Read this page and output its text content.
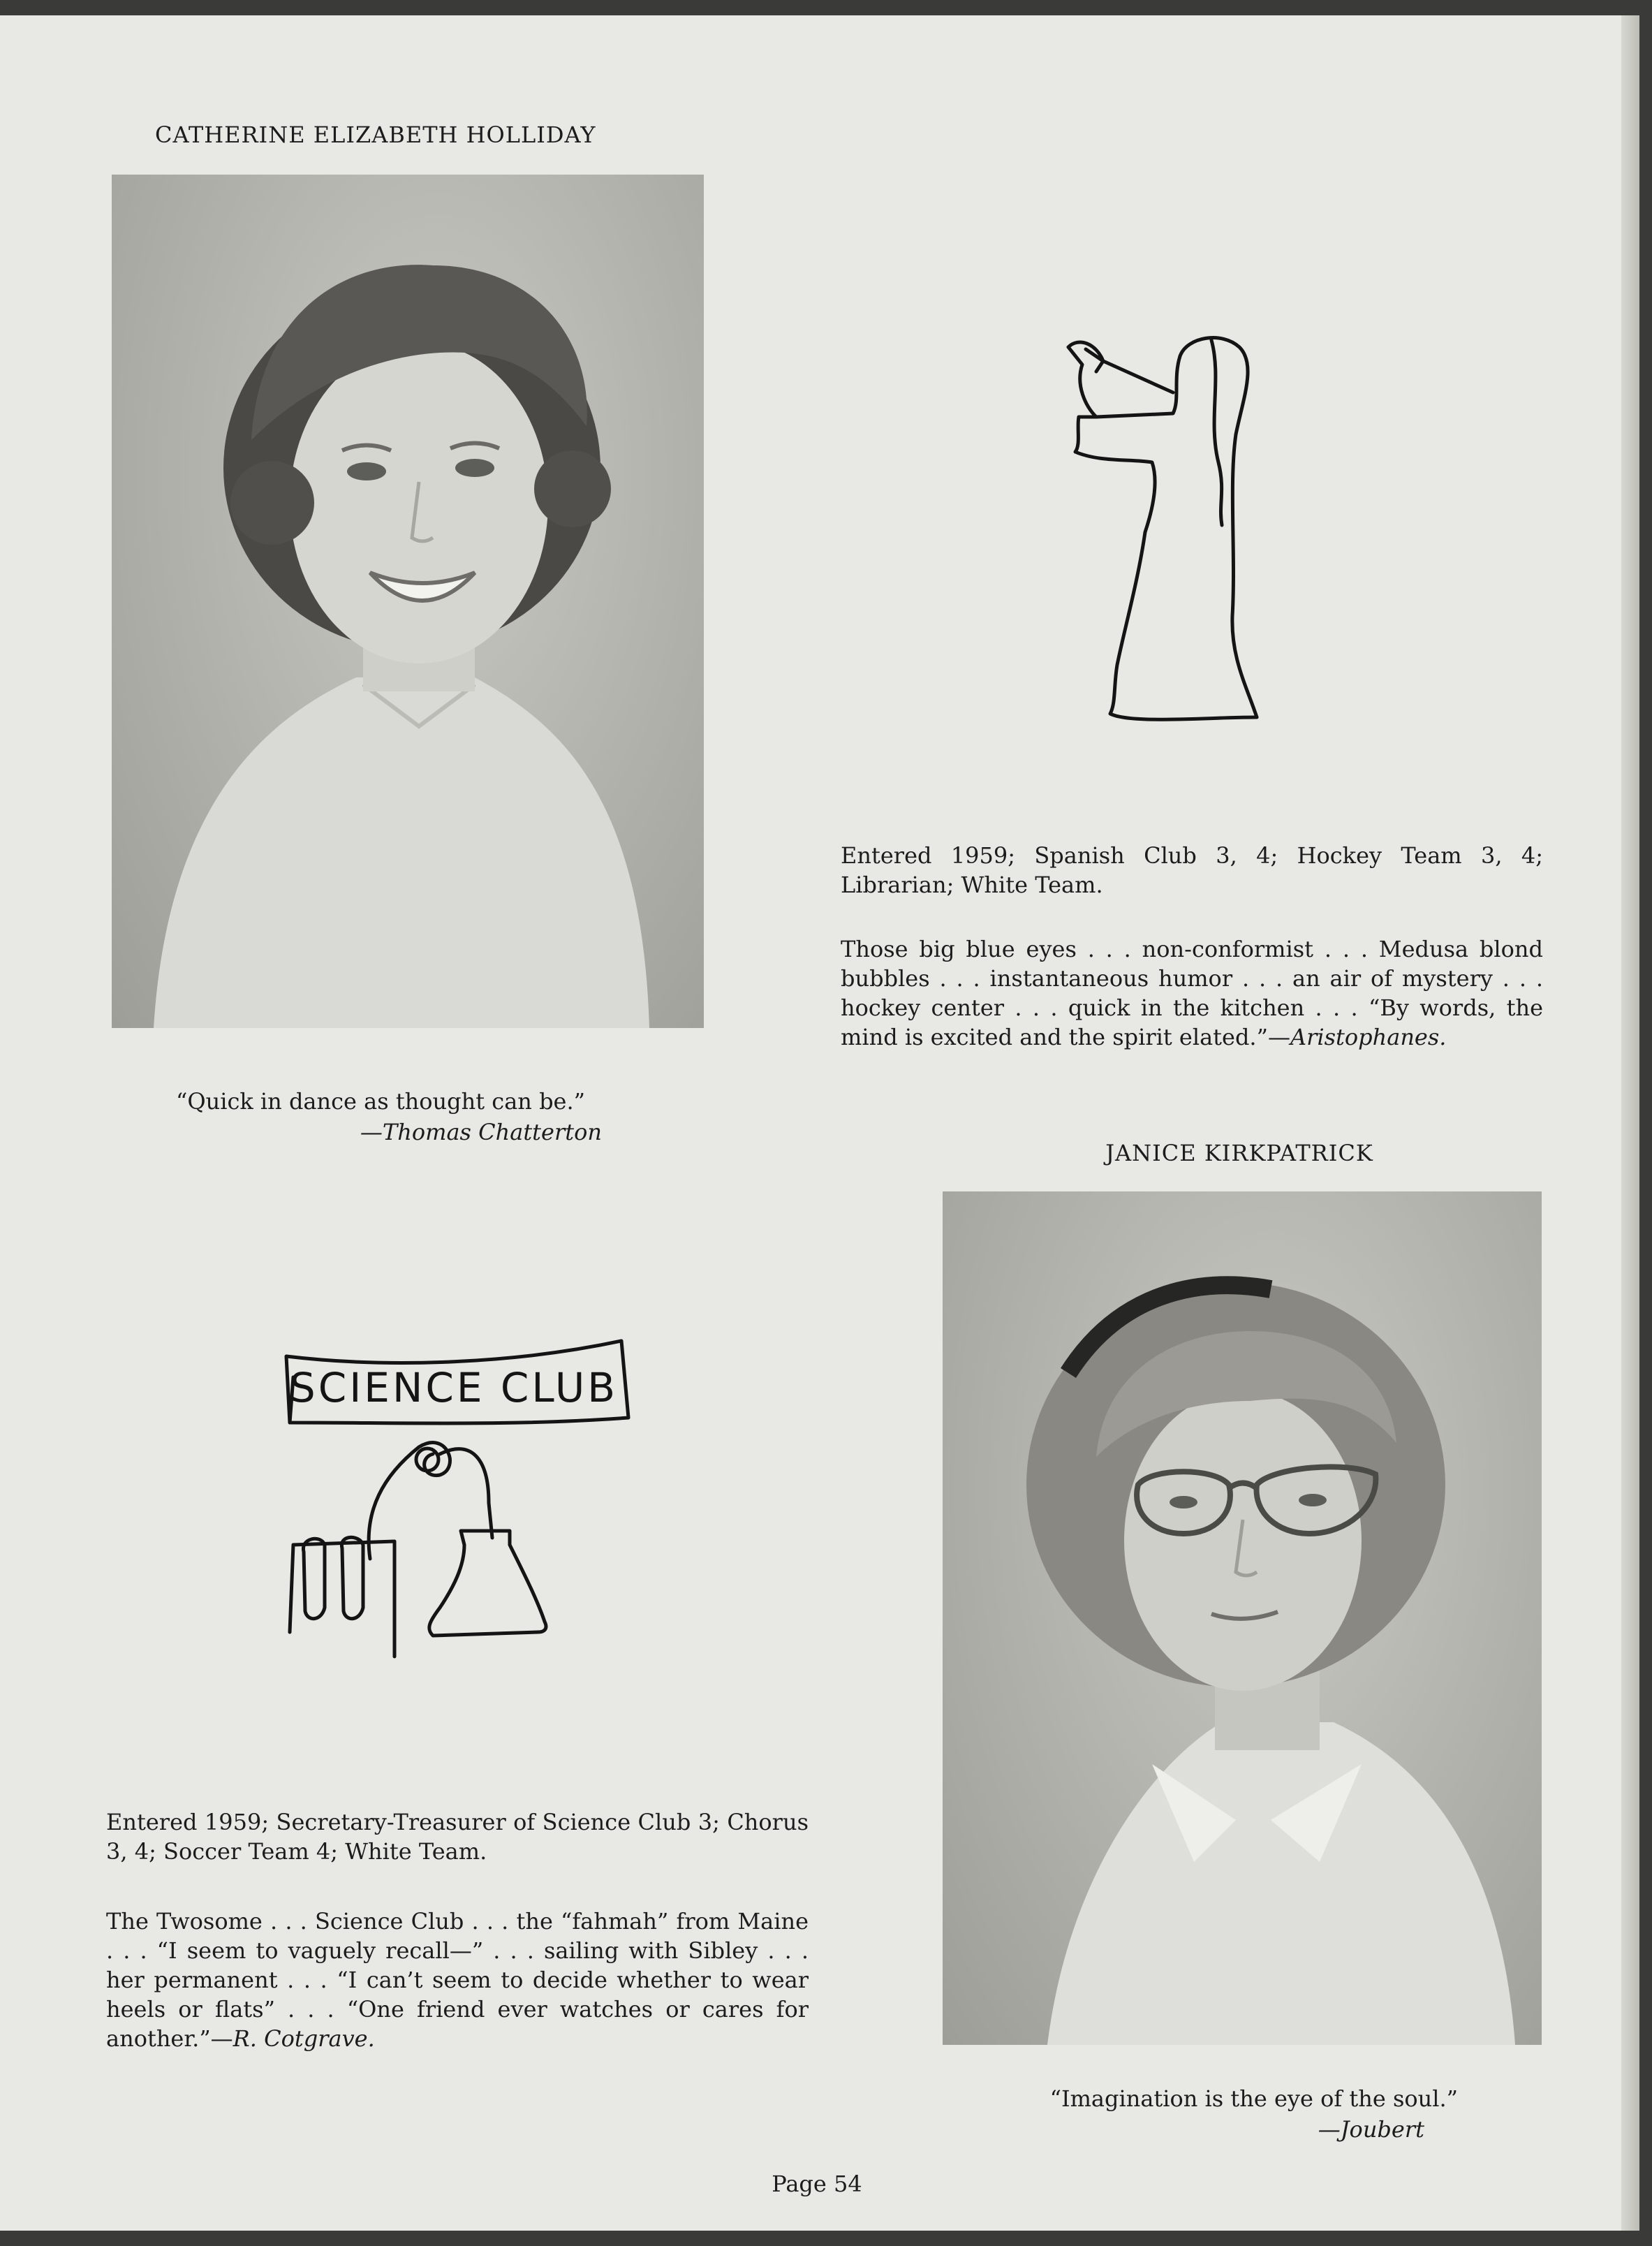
CATHERINE ELIZABETH HOLLIDAY
Entered 1959; Spanish Club 3, 4; Hockey Team 3, 4; Librarian; White Team.
Those big blue eyes . . . non-conformist . . . Medusa blond bubbles . . . instantaneous humor . . . an air of mystery . . . hockey center . . . quick in the kitchen . . . “By words, the mind is excited and the spirit elated.”—Aristophanes.
“Quick in dance as thought can be.”
—Thomas Chatterton
JANICE KIRKPATRICK
SCIENCE CLUB
Entered 1959; Secretary-Treasurer of Science Club 3; Chorus 3, 4; Soccer Team 4; White Team.
The Twosome . . . Science Club . . . the “fahmah” from Maine . . . “I seem to vaguely recall—” . . . sailing with Sibley . . . her permanent . . . “I can’t seem to decide whether to wear heels or flats” . . . “One friend ever watches or cares for another.”—R. Cotgrave.
“Imagination is the eye of the soul.”
—Joubert
Page 54
